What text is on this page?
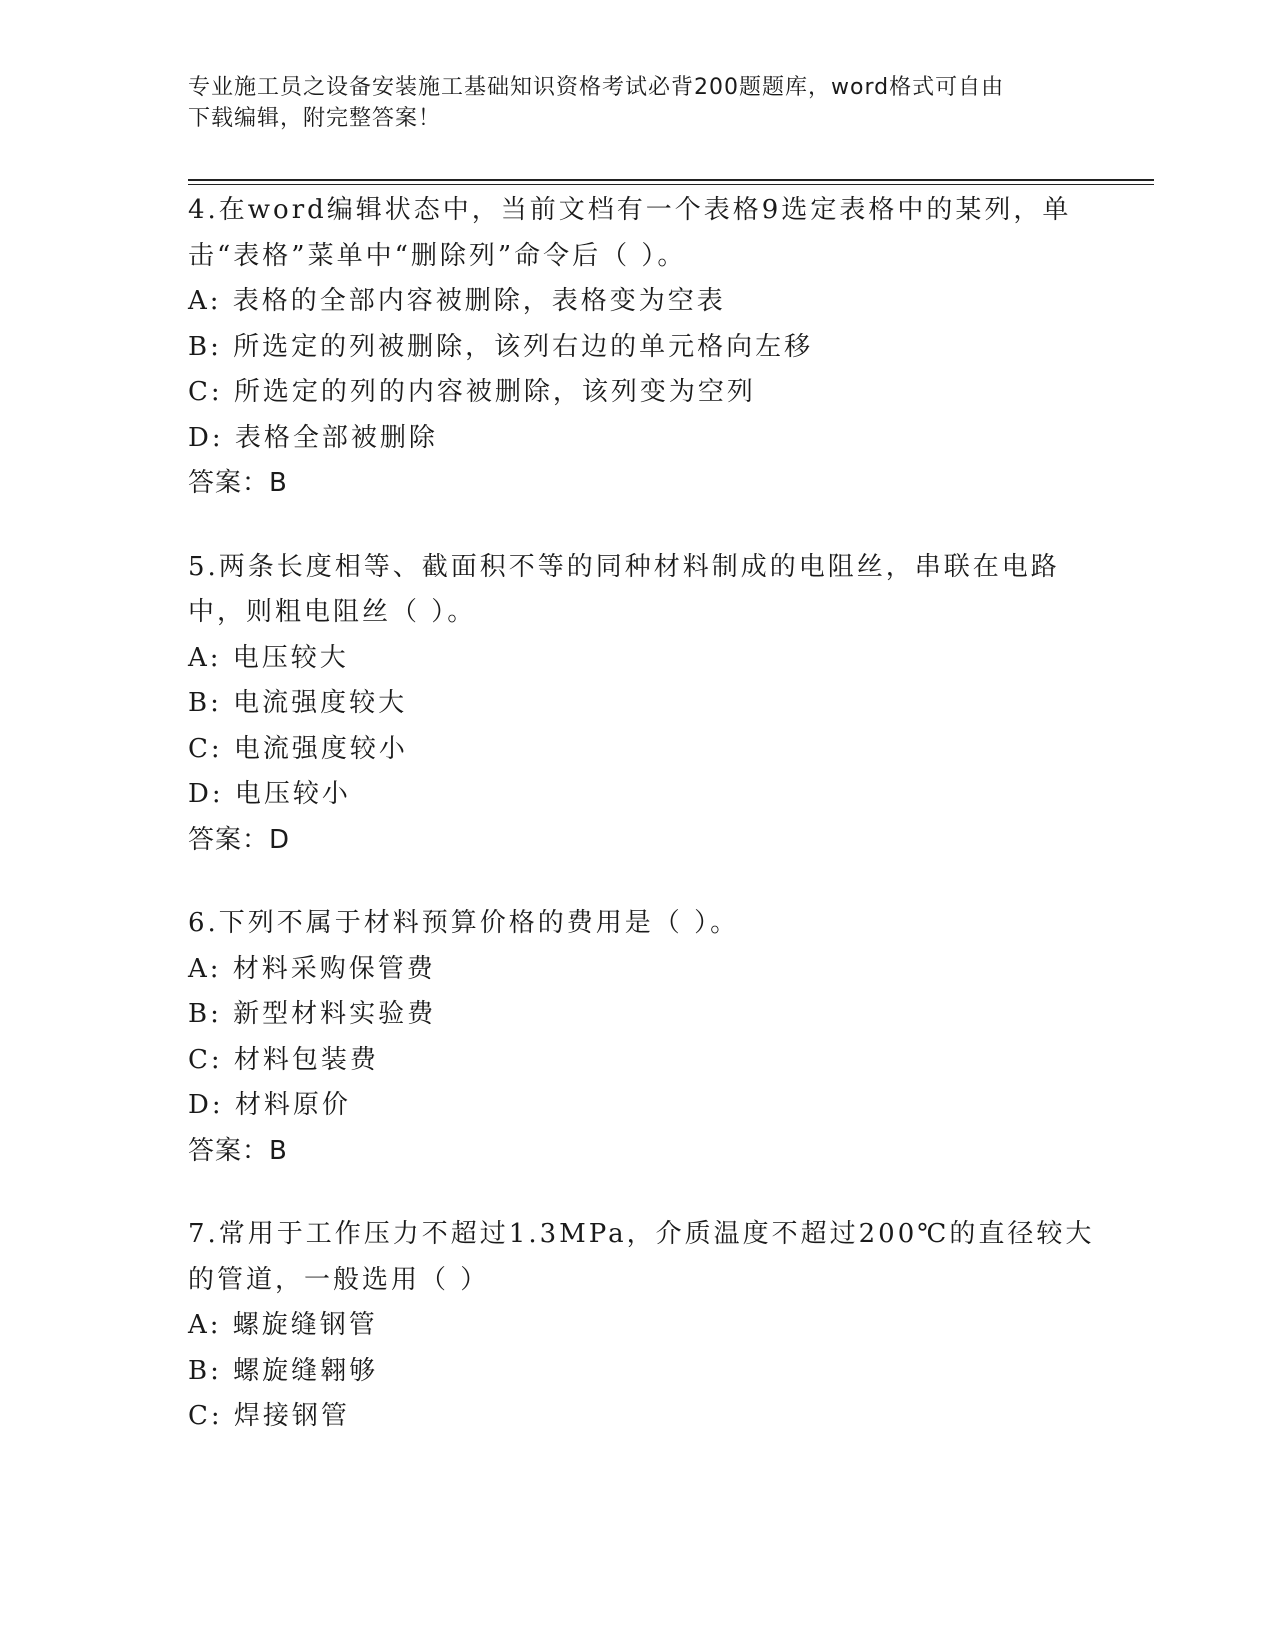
专业施工员之设备安装施工基础知识资格考试必背200题题库，word格式可自由
下载编辑，附完整答案！
4.在word编辑状态中，当前文档有一个表格9选定表格中的某列，单
击“表格”菜单中“删除列”命令后（ ）。
A: 表格的全部内容被删除，表格变为空表
B: 所选定的列被删除，该列右边的单元格向左移
C: 所选定的列的内容被删除，该列变为空列
D: 表格全部被删除
答案：B
5.两条长度相等、截面积不等的同种材料制成的电阻丝，串联在电路
中，则粗电阻丝（ ）。
A: 电压较大
B: 电流强度较大
C: 电流强度较小
D: 电压较小
答案：D
6.下列不属于材料预算价格的费用是（ ）。
A: 材料采购保管费
B: 新型材料实验费
C: 材料包装费
D: 材料原价
答案：B
7.常用于工作压力不超过1.3MPa，介质温度不超过200℃的直径较大
的管道，一般选用（ ）
A: 螺旋缝钢管
B: 螺旋缝翱够
C: 焊接钢管
